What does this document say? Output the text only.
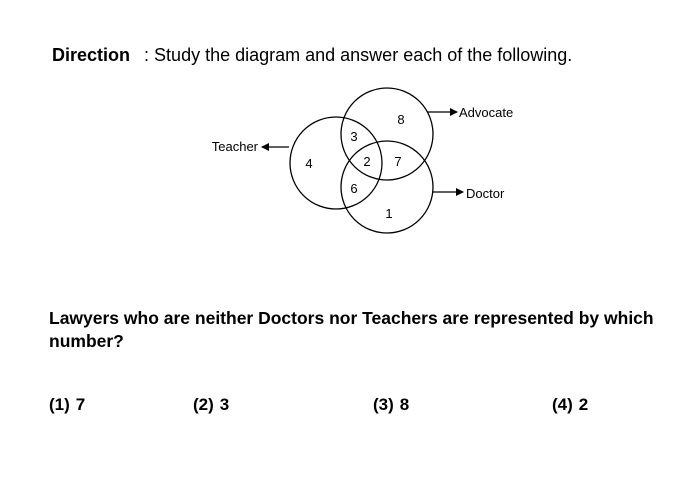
Direction : Study the diagram and answer each of the following.
Teacher
Advocate
Doctor
4
8
1
3
2 7
6
Lawyers who are neither Doctors nor Teachers are represented by which number?
(1) 7	(2) 3	(3) 8	(4) 2
